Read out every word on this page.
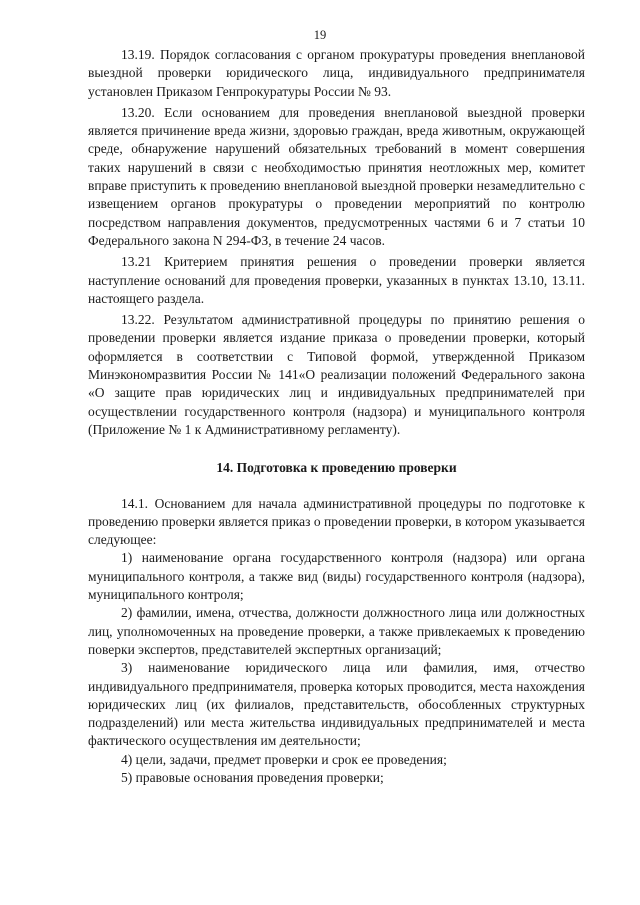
19

13.19. Порядок согласования с органом прокуратуры проведения внеплановой выездной проверки юридического лица, индивидуального предпринимателя установлен Приказом Генпрокуратуры России № 93.

13.20. Если основанием для проведения внеплановой выездной проверки является причинение вреда жизни, здоровью граждан, вреда животным, окружающей среде, обнаружение нарушений обязательных требований в момент совершения таких нарушений в связи с необходимостью принятия неотложных мер, комитет вправе приступить к проведению внеплановой выездной проверки незамедлительно с извещением органов прокуратуры о проведении мероприятий по контролю посредством направления документов, предусмотренных частями 6 и 7 статьи 10 Федерального закона N 294-ФЗ, в течение 24 часов.

13.21 Критерием принятия решения о проведении проверки является наступление оснований для проведения проверки, указанных в пунктах 13.10, 13.11. настоящего раздела.

13.22. Результатом административной процедуры по принятию решения о проведении проверки является издание приказа о проведении проверки, который оформляется в соответствии с Типовой формой, утвержденной Приказом Минэкономразвития России № 141«О реализации положений Федерального закона «О защите прав юридических лиц и индивидуальных предпринимателей при осуществлении государственного контроля (надзора) и муниципального контроля (Приложение № 1 к Административному регламенту).

14. Подготовка к проведению проверки

14.1. Основанием для начала административной процедуры по подготовке к проведению проверки является приказ о проведении проверки, в котором указывается следующее:

1) наименование органа государственного контроля (надзора) или органа муниципального контроля, а также вид (виды) государственного контроля (надзора), муниципального контроля;

2) фамилии, имена, отчества, должности должностного лица или должностных лиц, уполномоченных на проведение проверки, а также привлекаемых к проведению поверки экспертов, представителей экспертных организаций;

3) наименование юридического лица или фамилия, имя, отчество индивидуального предпринимателя, проверка которых проводится, места нахождения юридических лиц (их филиалов, представительств, обособленных структурных подразделений) или места жительства индивидуальных предпринимателей и места фактического осуществления им деятельности;

4) цели, задачи, предмет проверки и срок ее проведения;

5) правовые основания проведения проверки;
